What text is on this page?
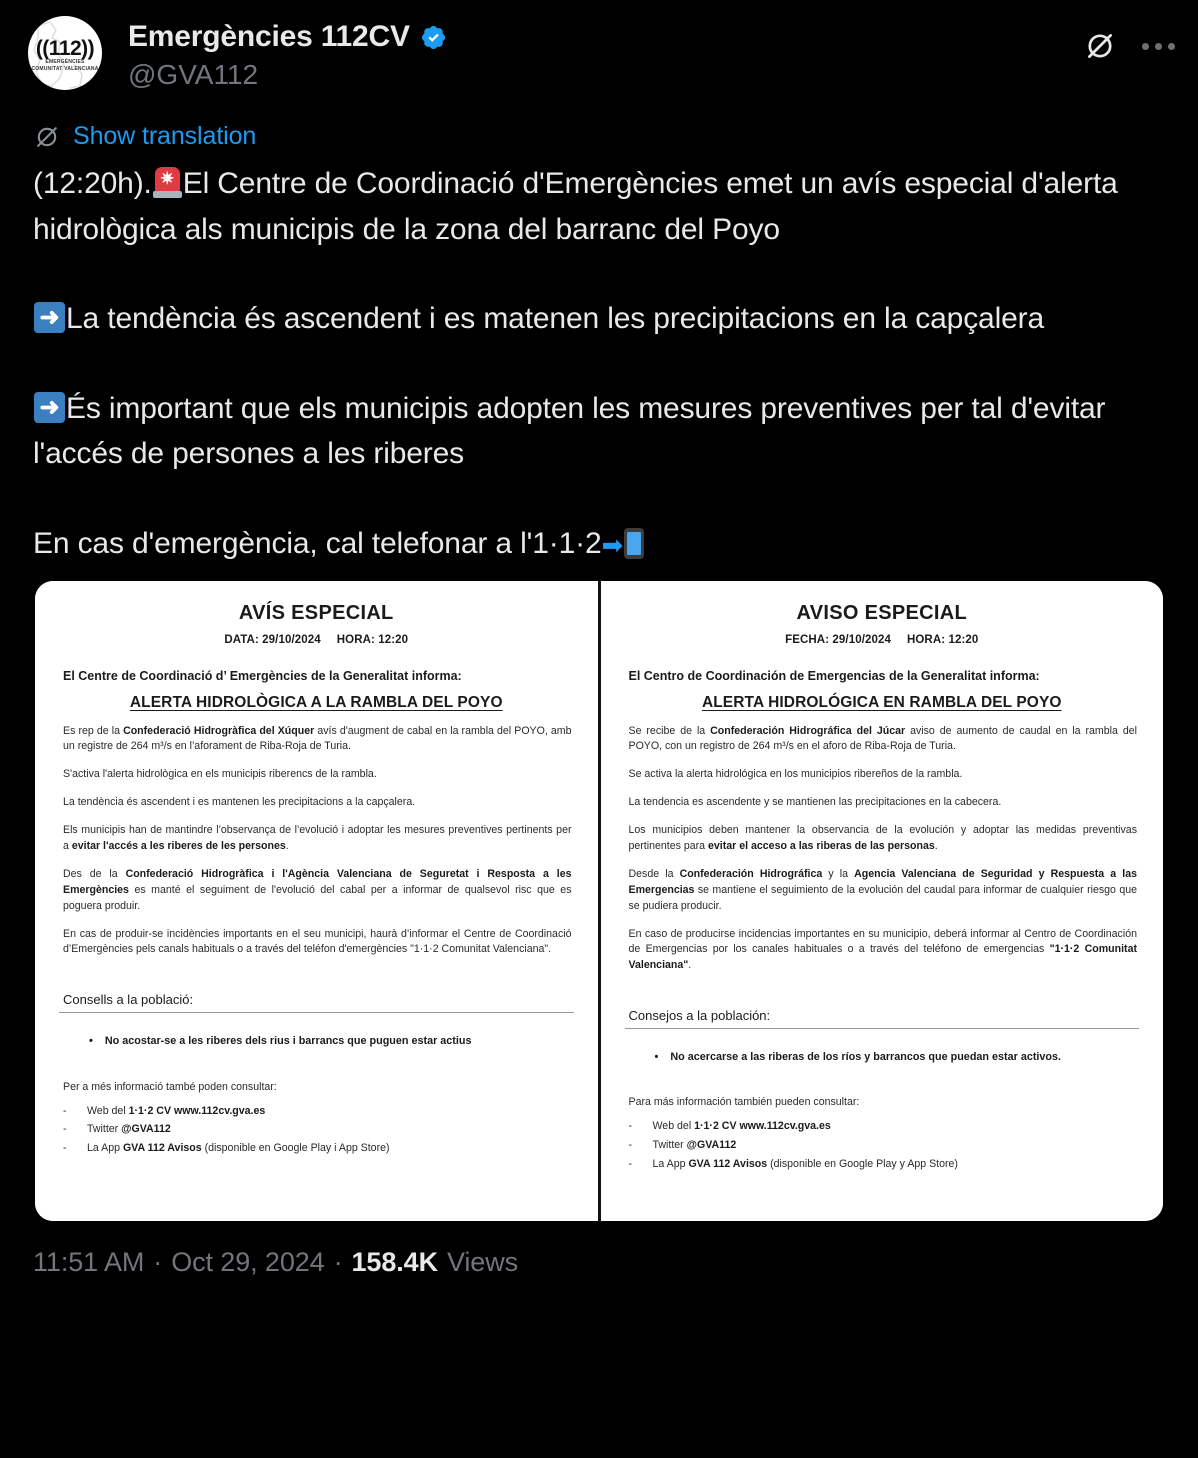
((112))
EMERGÈNCIES
COMUNITAT VALENCIANA
Emergències 112CV
@GVA112
Show translation

(12:20h). ✷ El Centre de Coordinació d'Emergències emet un avís especial d'alerta hidrològica als municipis de la zona del barranc del Poyo

➜ La tendència és ascendent i es matenen les precipitacions en la capçalera

➜ És important que els municipis adopten les mesures preventives per tal d'evitar l'accés de persones a les riberes

En cas d'emergència, cal telefonar a l'1·1·2➡

AVÍS ESPECIAL
DATA: 29/10/2024 HORA: 12:20
El Centre de Coordinació d’ Emergències de la Generalitat informa:
ALERTA HIDROLÒGICA A LA RAMBLA DEL POYO
Es rep de la Confederació Hidrogràfica del Xúquer avís d'augment de cabal en la rambla del POYO, amb un registre de 264 m³/s en l’aforament de Riba-Roja de Turia.
S'activa l'alerta hidrològica en els municipis riberencs de la rambla.
La tendència és ascendent i es mantenen les precipitacions a la capçalera.
Els municipis han de mantindre l’observança de l’evolució i adoptar les mesures preventives pertinents per a evitar l'accés a les riberes de les persones.
Des de la Confederació Hidrogràfica i l'Agència Valenciana de Seguretat i Resposta a les Emergències es manté el seguiment de l'evolució del cabal per a informar de qualsevol risc que es poguera produir.
En cas de produir-se incidències importants en el seu municipi, haurà d’informar el Centre de Coordinació d’Emergències pels canals habituals o a través del teléfon d'emergències "1·1·2 Comunitat Valenciana".
Consells a la població:
• No acostar-se a les riberes dels rius i barrancs que puguen estar actius
Per a més informació també poden consultar:
-	Web del 1·1·2 CV www.112cv.gva.es
-	Twitter @GVA112
-	La App GVA 112 Avisos (disponible en Google Play i App Store)
AVISO ESPECIAL
FECHA: 29/10/2024 HORA: 12:20
El Centro de Coordinación de Emergencias de la Generalitat informa:
ALERTA HIDROLÓGICA EN RAMBLA DEL POYO
Se recibe de la Confederación Hidrográfica del Júcar aviso de aumento de caudal en la rambla del POYO, con un registro de 264 m³/s en el aforo de Riba-Roja de Turia.
Se activa la alerta hidrológica en los municipios ribereños de la rambla.
La tendencia es ascendente y se mantienen las precipitaciones en la cabecera.
Los municipios deben mantener la observancia de la evolución y adoptar las medidas preventivas pertinentes para evitar el acceso a las riberas de las personas.
Desde la Confederación Hidrográfica y la Agencia Valenciana de Seguridad y Respuesta a las Emergencias se mantiene el seguimiento de la evolución del caudal para informar de cualquier riesgo que se pudiera producir.
En caso de producirse incidencias importantes en su municipio, deberá informar al Centro de Coordinación de Emergencias por los canales habituales o a través del teléfono de emergencias "1·1·2 Comunitat Valenciana".
Consejos a la población:
• No acercarse a las riberas de los ríos y barrancos que puedan estar activos.
Para más información también pueden consultar:
-	Web del 1·1·2 CV www.112cv.gva.es
-	Twitter @GVA112
-	La App GVA 112 Avisos (disponible en Google Play y App Store)
11:51 AM · Oct 29, 2024 · 158.4K Views
